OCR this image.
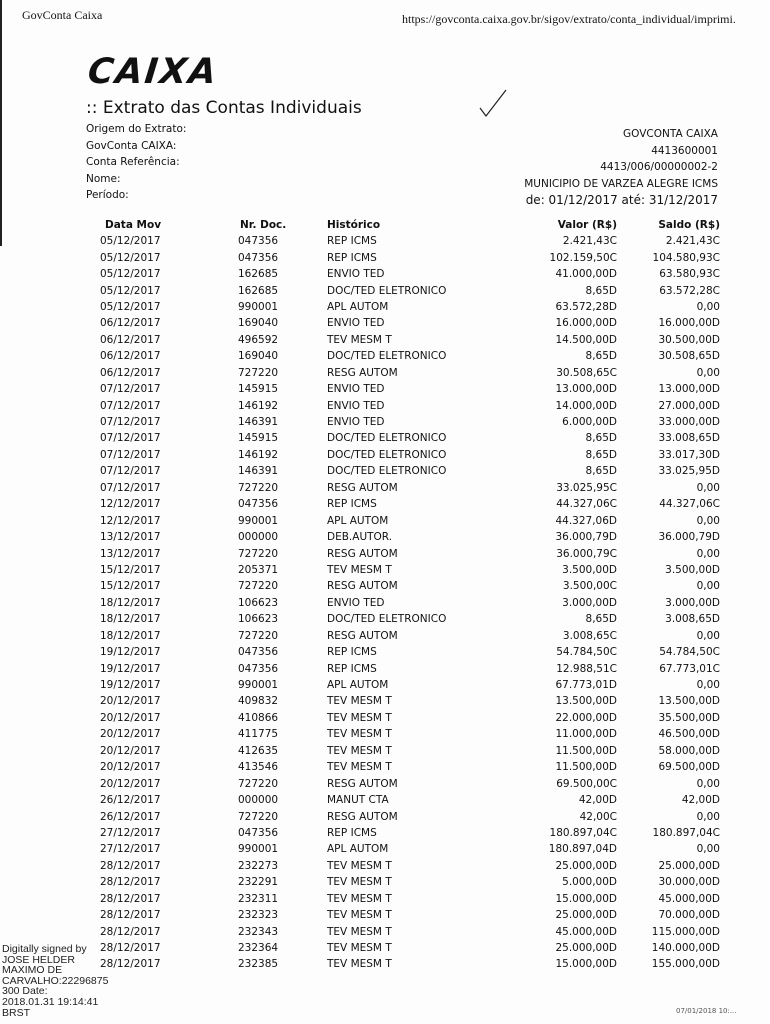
GovConta Caixa	https://govconta.caixa.gov.br/sigov/extrato/conta_individual/imprimi.
CAIXA
:: Extrato das Contas Individuais
Origem do Extrato:
GovConta CAIXA:
Conta Referência:
Nome:
Período:
GOVCONTA CAIXA
4413600001
4413/006/00000002-2
MUNICIPIO DE VARZEA ALEGRE ICMS
de: 01/12/2017 até: 31/12/2017
Data Mov	Nr. Doc.	Histórico	Valor (R$)	Saldo (R$)
05/12/2017	047356	REP ICMS	2.421,43C	2.421,43C
05/12/2017	047356	REP ICMS	102.159,50C	104.580,93C
05/12/2017	162685	ENVIO TED	41.000,00D	63.580,93C
05/12/2017	162685	DOC/TED ELETRONICO	8,65D	63.572,28C
05/12/2017	990001	APL AUTOM	63.572,28D	0,00
06/12/2017	169040	ENVIO TED	16.000,00D	16.000,00D
06/12/2017	496592	TEV MESM T	14.500,00D	30.500,00D
06/12/2017	169040	DOC/TED ELETRONICO	8,65D	30.508,65D
06/12/2017	727220	RESG AUTOM	30.508,65C	0,00
07/12/2017	145915	ENVIO TED	13.000,00D	13.000,00D
07/12/2017	146192	ENVIO TED	14.000,00D	27.000,00D
07/12/2017	146391	ENVIO TED	6.000,00D	33.000,00D
07/12/2017	145915	DOC/TED ELETRONICO	8,65D	33.008,65D
07/12/2017	146192	DOC/TED ELETRONICO	8,65D	33.017,30D
07/12/2017	146391	DOC/TED ELETRONICO	8,65D	33.025,95D
07/12/2017	727220	RESG AUTOM	33.025,95C	0,00
12/12/2017	047356	REP ICMS	44.327,06C	44.327,06C
12/12/2017	990001	APL AUTOM	44.327,06D	0,00
13/12/2017	000000	DEB.AUTOR.	36.000,79D	36.000,79D
13/12/2017	727220	RESG AUTOM	36.000,79C	0,00
15/12/2017	205371	TEV MESM T	3.500,00D	3.500,00D
15/12/2017	727220	RESG AUTOM	3.500,00C	0,00
18/12/2017	106623	ENVIO TED	3.000,00D	3.000,00D
18/12/2017	106623	DOC/TED ELETRONICO	8,65D	3.008,65D
18/12/2017	727220	RESG AUTOM	3.008,65C	0,00
19/12/2017	047356	REP ICMS	54.784,50C	54.784,50C
19/12/2017	047356	REP ICMS	12.988,51C	67.773,01C
19/12/2017	990001	APL AUTOM	67.773,01D	0,00
20/12/2017	409832	TEV MESM T	13.500,00D	13.500,00D
20/12/2017	410866	TEV MESM T	22.000,00D	35.500,00D
20/12/2017	411775	TEV MESM T	11.000,00D	46.500,00D
20/12/2017	412635	TEV MESM T	11.500,00D	58.000,00D
20/12/2017	413546	TEV MESM T	11.500,00D	69.500,00D
20/12/2017	727220	RESG AUTOM	69.500,00C	0,00
26/12/2017	000000	MANUT CTA	42,00D	42,00D
26/12/2017	727220	RESG AUTOM	42,00C	0,00
27/12/2017	047356	REP ICMS	180.897,04C	180.897,04C
27/12/2017	990001	APL AUTOM	180.897,04D	0,00
28/12/2017	232273	TEV MESM T	25.000,00D	25.000,00D
28/12/2017	232291	TEV MESM T	5.000,00D	30.000,00D
28/12/2017	232311	TEV MESM T	15.000,00D	45.000,00D
28/12/2017	232323	TEV MESM T	25.000,00D	70.000,00D
28/12/2017	232343	TEV MESM T	45.000,00D	115.000,00D
28/12/2017	232364	TEV MESM T	25.000,00D	140.000,00D
28/12/2017	232385	TEV MESM T	15.000,00D	155.000,00D
Digitally signed by JOSE HELDER MAXIMO DE CARVALHO:22296875 300 Date: 2018.01.31 19:14:41 BRST	07/01/2018 10:...
